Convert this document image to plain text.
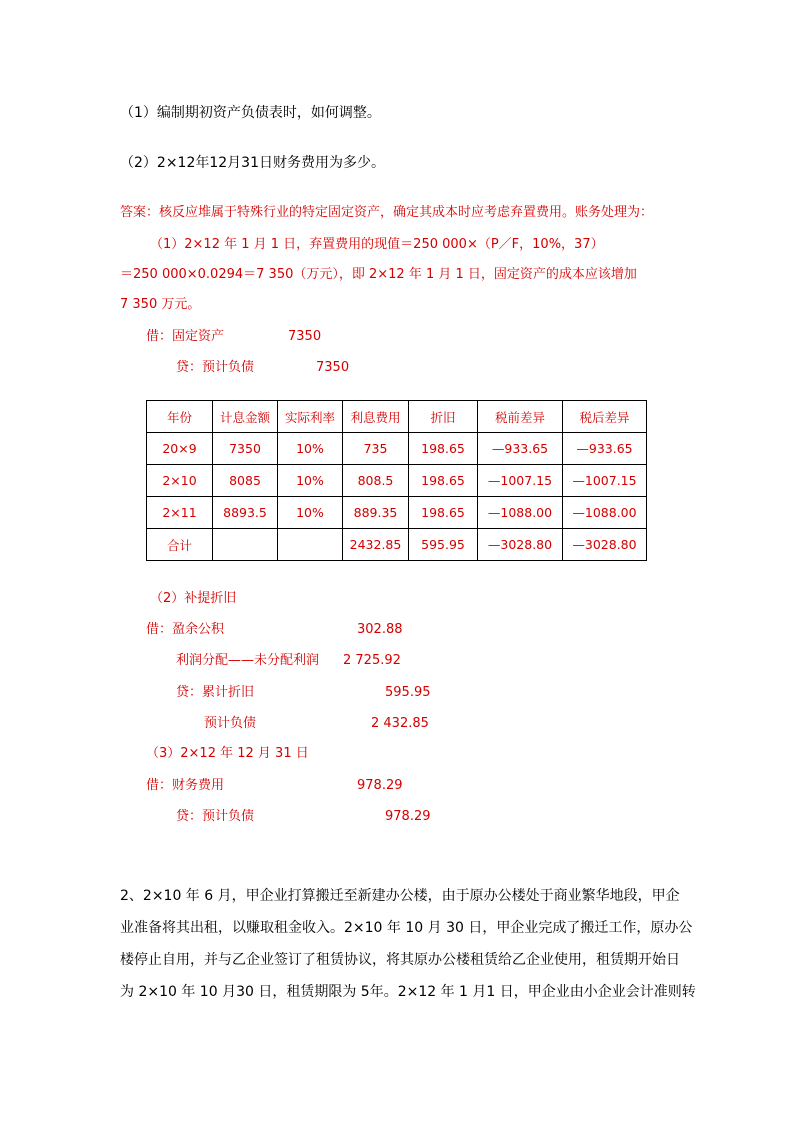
（1）编制期初资产负债表时，如何调整。
（2）2×12年12月31日财务费用为多少。
答案：核反应堆属于特殊行业的特定固定资产，确定其成本时应考虑弃置费用。账务处理为：
（1）2×12 年 1 月 1 日，弃置费用的现值＝250 000×（P／F，10%，37）
＝250 000×0.0294＝7 350（万元），即 2×12 年 1 月 1 日，固定资产的成本应该增加
7 350 万元。
借：固定资产	7350
贷：预计负债	7350
年份	计息金额	实际利率	利息费用	折旧	税前差异	税后差异
20×9	7350	10%	735	198.65	—933.65	—933.65
2×10	8085	10%	808.5	198.65	—1007.15	—1007.15
2×11	8893.5	10%	889.35	198.65	—1088.00	—1088.00
合计			2432.85	595.95	—3028.80	—3028.80
（2）补提折旧
借：盈余公积	302.88
利润分配——未分配利润 2 725.92
贷：累计折旧	595.95
预计负债	2 432.85
（3）2×12 年 12 月 31 日
借：财务费用	978.29
贷：预计负债	978.29
2、2×10 年 6 月，甲企业打算搬迁至新建办公楼，由于原办公楼处于商业繁华地段，甲企
业准备将其出租，以赚取租金收入。2×10 年 10 月 30 日，甲企业完成了搬迁工作，原办公
楼停止自用，并与乙企业签订了租赁协议，将其原办公楼租赁给乙企业使用，租赁期开始日
为 2×10 年 10 月30 日，租赁期限为 5年。2×12 年 1 月1 日，甲企业由小企业会计准则转
